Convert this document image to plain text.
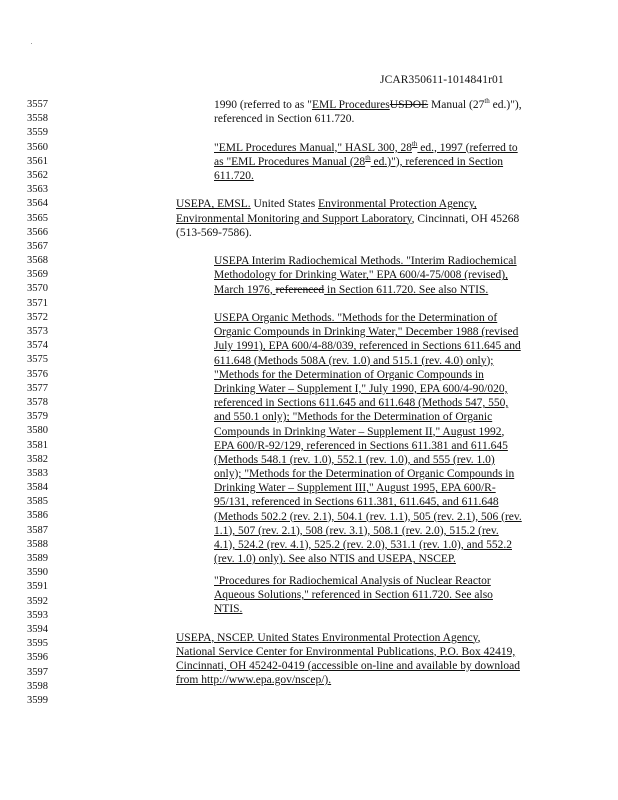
JCAR350611-1014841r01
3557
3558
3559
3560
3561
3562
3563
3564
3565
3566
3567
3568
3569
3570
3571
3572
3573
3574
3575
3576
3577
3578
3579
3580
3581
3582
3583
3584
3585
3586
3587
3588
3589
3590
3591
3592
3593
3594
3595
3596
3597
3598
3599
1990 (referred to as "EML ProceduresUSDOE Manual (27th ed.)"),
referenced in Section 611.720.
"EML Procedures Manual," HASL 300, 28th ed., 1997 (referred to
as "EML Procedures Manual (28th ed.)"), referenced in Section
611.720.
USEPA, EMSL. United States Environmental Protection Agency,
Environmental Monitoring and Support Laboratory, Cincinnati, OH 45268
(513-569-7586).
USEPA Interim Radiochemical Methods. "Interim Radiochemical
Methodology for Drinking Water," EPA 600/4-75/008 (revised),
March 1976, referenced in Section 611.720. See also NTIS.
USEPA Organic Methods. "Methods for the Determination of
Organic Compounds in Drinking Water," December 1988 (revised
July 1991), EPA 600/4-88/039, referenced in Sections 611.645 and
611.648 (Methods 508A (rev. 1.0) and 515.1 (rev. 4.0) only);
"Methods for the Determination of Organic Compounds in
Drinking Water – Supplement I," July 1990, EPA 600/4-90/020,
referenced in Sections 611.645 and 611.648 (Methods 547, 550,
and 550.1 only); "Methods for the Determination of Organic
Compounds in Drinking Water – Supplement II," August 1992,
EPA 600/R-92/129, referenced in Sections 611.381 and 611.645
(Methods 548.1 (rev. 1.0), 552.1 (rev. 1.0), and 555 (rev. 1.0)
only); "Methods for the Determination of Organic Compounds in
Drinking Water – Supplement III," August 1995, EPA 600/R-
95/131, referenced in Sections 611.381, 611.645, and 611.648
(Methods 502.2 (rev. 2.1), 504.1 (rev. 1.1), 505 (rev. 2.1), 506 (rev.
1.1), 507 (rev. 2.1), 508 (rev. 3.1), 508.1 (rev. 2.0), 515.2 (rev.
4.1), 524.2 (rev. 4.1), 525.2 (rev. 2.0), 531.1 (rev. 1.0), and 552.2
(rev. 1.0) only). See also NTIS and USEPA, NSCEP.
"Procedures for Radiochemical Analysis of Nuclear Reactor
Aqueous Solutions," referenced in Section 611.720. See also
NTIS.
USEPA, NSCEP. United States Environmental Protection Agency,
National Service Center for Environmental Publications, P.O. Box 42419,
Cincinnati, OH 45242-0419 (accessible on-line and available by download
from http://www.epa.gov/nscep/).
